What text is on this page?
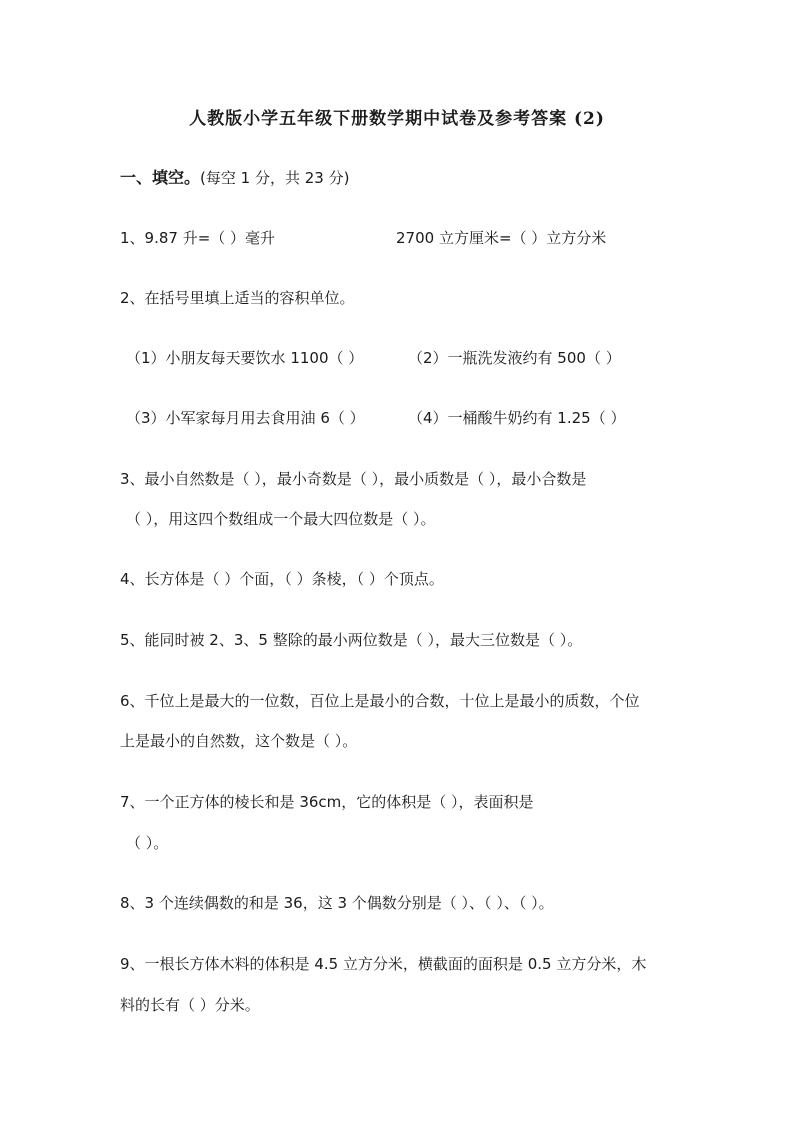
人教版小学五年级下册数学期中试卷及参考答案 (2)
一、填空。(每空 1 分，共 23 分)
1、9.87 升=（ ）毫升	2700 立方厘米=（ ）立方分米
2、在括号里填上适当的容积单位。
（1）小朋友每天要饮水 1100（ ）	（2）一瓶洗发液约有 500（ ）
（3）小军家每月用去食用油 6（ ）	（4）一桶酸牛奶约有 1.25（ ）
3、最小自然数是（ ），最小奇数是（ ），最小质数是（ ），最小合数是
（ ），用这四个数组成一个最大四位数是（ ）。
4、长方体是（ ）个面，（ ）条棱，（ ）个顶点。
5、能同时被 2、3、5 整除的最小两位数是（ ），最大三位数是（ ）。
6、千位上是最大的一位数，百位上是最小的合数，十位上是最小的质数，个位
上是最小的自然数，这个数是（ ）。
7、一个正方体的棱长和是 36cm，它的体积是（ ），表面积是
（ ）。
8、3 个连续偶数的和是 36，这 3 个偶数分别是（ ）、（ ）、（ ）。
9、一根长方体木料的体积是 4.5 立方分米，横截面的面积是 0.5 立方分米，木
料的长有（ ）分米。
